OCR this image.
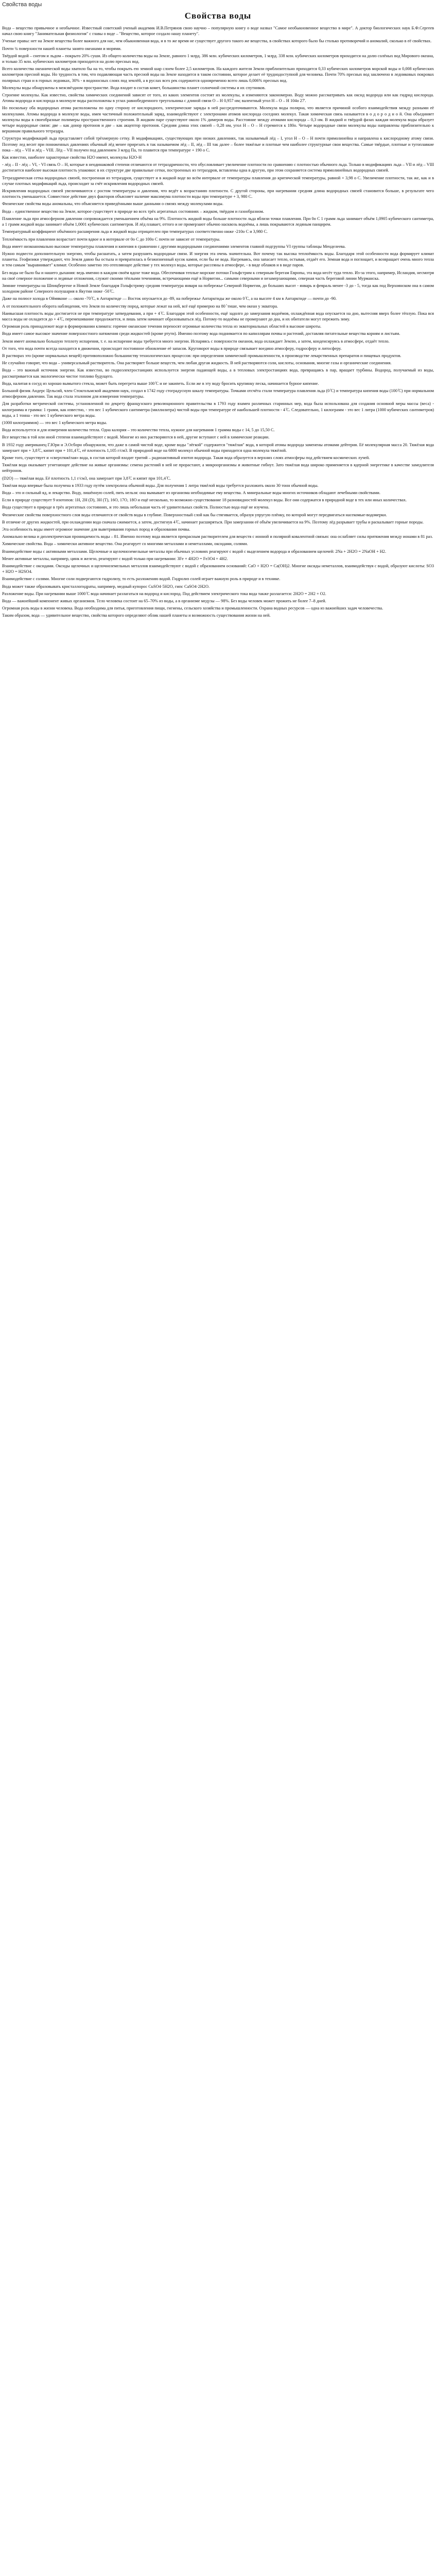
Свойства воды
Свойства воды

Вода – вещество привычное и необычное. Известный советский ученый академик И.В.Петрянов свою научно – популярную книгу о воде назвал "Самое необыкновенное вещество в мире". А доктор биологических наук Б.Ф.Сергеев начал свою книгу "Занимательная физиология" с главы о воде – "Вещество, которое создало нашу планету".

Ученые правы: нет на Земле вещества более важного для нас, чем обыкновенная вода, и в то же время не существует другого такого же вещества, в свойствах которого было бы столько противоречий и аномалий, сколько в её свойствах.

Почти ¾ поверхности нашей планеты занято океанами и морями.

Твёрдой водой – снегом и льдом – покрыто 20% суши. Из общего количества воды на Земле, равного 1 млрд. 386 млн. кубических километров, 1 млрд. 338 млн. кубических километров приходится на долю солёных вод Мирового океана, и только 35 млн. кубических километров приходится на долю пресных вод.

Всего количества океанической воды хватило бы на то, чтобы покрыть ею земной шар слоем более 2,5 километров. На каждого жителя Земли приблизительно приходится 0,33 кубических километров морской воды и 0,008 кубических километров пресной воды. Но трудность в том, что подавляющая часть пресной воды на Земле находится в таком состоянии, которое делает её труднодоступной для человека. Почти 70% пресных вод заключено в ледниковых покровах полярных стран и в горных ледниках, 30% - в водоносных слоях под землёй, а в руслах всех рек содержится одновременно всего лишь 0,006% пресных вод.

Молекулы воды обнаружены в межзвёздном пространстве. Вода входит в состав комет, большинства планет солнечной системы и их спутников.

Строение молекулы. Как известно, свойства химических соединений зависят от того, из каких элементов состоят их молекулы, и изменяются закономерно. Воду можно рассматривать как оксид водорода или как гидрид кислорода. Атомы водорода и кислорода в молекуле воды расположены в углах равнобедренного треугольника с длиной связи O – H 0,957 нм; валентный угол H – O – H 104о 27'.

Но поскольку оба водородных атома расположены по одну сторону от кислородного, электрические заряды в ней рассредоточиваются. Молекула воды полярна, что является причиной особого взаимодействия между разными её молекулами. Атомы водорода в молекуле воды, имея частичный положительный заряд, взаимодействуют с электронами атомов кислорода соседних молекул. Такая химическая связь называется в о д о р о д н о й. Она объединяет молекулы воды в своеобразные полимеры пространственного строения. В жидком паре существуют около 1% димеров воды. Расстояние между атомами кислорода – 0,3 нм. В жидкой и твёрдой фазах каждая молекула воды образует четыре водородные связи: две – как донор протонов и две – как акцептор протонов. Средняя длина этих связей – 0,28 нм, угол H – O – H стремится к 180о. Четыре водородные связи молекулы воды направлены приблизительно к вершинам правильного тетраэдра.

Структура модификаций льда представляет собой трёхмерную сетку. В модификациях, существующих при низких давлениях, так называемый лёд – I, угол H – O – H почти прямолинейна и направлена к кислородному атому связи. Поэтому лед весит при пониженных давлениях обычный лёд менее прирезать в так называемом лёд – II, лёд – III так далее – более тяжёлые и плотные чем наиболее структурные свои вещества. Самые твёрдые, плотные и тугоплавкие пока – лёд – VII и лёд – VIII. Лёд – VII получен под давлением 3 млрд Па, то плавится при температуре + 190 о С.

Как известно, наиболее характерные свойства H2O имеют, молекулы H2O-H

- лёд – II - лёд – VI, - VI связь О – H, которые в неодинаковой степени отличаются от тетраэдричности, что обусловливает увеличение плотности по сравнению с плотностью обычного льда. Только в модификациях льда – VII и лёд – VIII достигается наиболее высокая плотность упаковки: в их структуре две правильные сетки, построенных из тетраэдров, вставлены одна в другую, при этом сохраняется система прямолинейных водородных связей.

Тетраэдрическая сетка водородных связей, построенная из тетраэдров, существует и в жидкой воде во всём интервале от температуры плавления до критической температуры, равной + 3,98 о С. Увеличение плотности, так же, как и в случае плотных модификаций льда, происходит за счёт искривления водородных связей.

Искривления водородных связей увеличиваются с ростом температуры и давления, что ведёт к возрастанию плотности. С другой стороны, при нагревании средняя длина водородных связей становится больше, в результате чего плотность уменьшается. Совместное действие двух факторов объясняет наличие максимума плотности воды при температуре + 3, 980 С.

Физические свойства воды аномальны, что объясняется приведёнными выше данными о связях между молекулами воды.

Вода – единственное вещество на Земле, которое существует в природе во всех трёх агрегатных состояниях – жидком, твёрдом и газообразном.

Плавление льда при атмосферном давлении сопровождается уменьшением объёма на 9%. Плотность жидкой воды больше плотности льда вблизи точки плавления. При 0о С 1 грамм льда занимает объём 1,0905 кубического сантиметра, а 1 грамм жидкой воды занимает объём 1,0001 кубических сантиметров. И лёд плавает, оттого и не промерзают обычно насквозь водоёмы, а лишь покрываются ледяным панцирем.

Температурный коэффициент объёмного расширения льда и жидкой воды отрицателен при температурах соответственно ниже -210о С и 3,980 С.

Теплоёмкость при плавлении возрастает почти вдвое и в интервале от 0о С до 100о С почти не зависит от температуры.

Вода имеет низкоаномально высокие температуры плавления и кипения в сравнении с другими водородными соединениями элементов главной подгруппы VI группы таблицы Менделеева.

Нужно подвести дополнительную энергию, чтобы расшатать, а затем разрушить водородные связи. И энергия эта очень значительна. Вот почему так высока теплоёмкость воды. Благодаря этой особенности вода формирует климат планеты. Геофизики утверждают, что Земля давно бы остыла и превратилась в безжизненный кусок камня, если бы не вода. Нагреваясь, она запасает тепло, остывая, отдаёт его. Земная вода и поглощает, и возвращает очень много тепла и тем самым "выравнивает" климат. Особенно заметно это отепляющее действие у тех молекул воды, которые рассеяны в атмосфере, - в виде облаков и в виде паров.

Без воды не было бы и нашего дыхания: ведь именно в каждом своём вдохе тоже вода. Обеспечивая теплые морские потоки Гольфстрим к северным берегам Европы, эта вода несёт туда тепло. Из-за этого, например, Исландия, несмотря на своё северное положение и ледяные отложения, служит своими тёплыми течениями, встречающими ещё в Норвегии... самыми северными и незамерзающими, северная часть береговой линии Мурманска.

Зимние температуры на Шпицбергене и Новой Земле благодаря Гольфстриму средняя температура января на побережье Северной Норвегии, до больших высот - январь и февраль менее -3 до - 5, тогда как под Верхоянском она в самом холодном районе Северного полушария в Якутии ниже -50 ̊С.

Даже на полюсе холода в Оймяконе — около -70 ̊С, в Антарктиде — Восток опускается до -89, на побережье Антарктиды же около 0 ̊С, а на высоте 4 км в Антарктиде — почти до -90.

А от положительного оборота наблюдения, что Земля по количеству пород, которые лежат на ней, всё ещё примерно на 80 ̊ тише, чем океан у экватора.

Наивысшая плотность воды достигается не при температуре затвердевания, а при + 4 ̊С. Благодаря этой особенности, ещё задолго до замерзания водоёмов, охлаждённая вода опускается на дно, вытесняя вверх более тёплую. Пока вся масса воды не охладится до + 4 ̊С, перемешивание продолжается, и лишь затем начинает образовываться лёд. Потому-то водоёмы не промерзают до дна, и их обитатели могут пережить зиму.

Огромная роль принадлежит воде в формировании климата: горячие океанские течения переносят огромные количества тепла из экваториальных областей в высокие широты.

Вода имеет самое высокое значение поверхностного натяжения среди жидкостей (кроме ртути). Именно поэтому вода поднимается по капиллярам почвы и растений, доставляя питательные вещества корням и листьям.

Земля имеет аномально большую теплоту испарения, т. е. на испарение воды требуется много энергии. Испаряясь с поверхности океанов, вода охлаждает Землю, а затем, конденсируясь в атмосфере, отдаёт тепло.

От того, что вода почти всегда находится в движении, происходит постоянное обновление её запасов. Круговорот воды в природе связывает воедино атмосферу, гидросферу и литосферу.

В растворах это (кроме нормальных вещей) противоположно большинству технологических процессов: при определении химической промышленности, в производстве лекарственных препаратов и пищевых продуктов.

Не случайно говорят, что вода – универсальный растворитель. Она растворяет больше веществ, чем любая другая жидкость. В ней растворяются соли, кислоты, основания, многие газы и органические соединения.

Вода – это важный источник энергии. Как известно, во гидроэлектростанциях используется энергия падающей воды, а в тепловых электростанциях вода, превращаясь в пар, вращает турбины. Водород, получаемый из воды, рассматривается как экологически чистое топливо будущего.

Вода, налитая в сосуд из хорошо вымытого стекла, может быть перегрета выше 100 ̊С и не закипеть. Если же в эту воду бросить крупинку песка, начинается бурное кипение.

Большой физик Андерс Цельсий, член Стокгольмской академии наук, создал в 1742 году стоградусную шкалу температуры. Точками отсчёта стали температура плавления льда (0 ̊С) и температура кипения воды (100 ̊С) при нормальном атмосферном давлении. Так вода стала эталоном для измерения температуры.

Для разработки метрической системы, установленной по декрету французского революционного правительства в 1793 году взамен различных старинных мер, вода была использована для создания основной меры массы (веса) - килограмма и грамма: 1 грамм, как известно, - это вес 1 кубического сантиметра (миллилитра) чистой воды при температуре её наибольшей плотности - 4 ̊С. Следовательно, 1 килограмм - это вес 1 литра (1000 кубических сантиметров) воды, а 1 тонна - это вес 1 кубического метра воды.

(1000 килограммов) — это вес 1 кубического метра воды.

Вода используется и для измерения количества тепла. Одна калория – это количество тепла, нужное для нагревания 1 грамма воды с 14, 5 до 15,50 С.

Все вещества в той или иной степени взаимодействуют с водой. Многие из них растворяются в ней, другие вступают с ней в химические реакции.

В 1932 году американец Г.Юри и Э.Осборн обнаружили, что даже в самой чистой воде, кроме воды "лёгкой" содержится "тяжёлая" вода, в которой атомы водорода заменены атомами дейтерия. Её молекулярная масса 20. Тяжёлая вода замерзает при + 3,8 ̊С, кипит при + 101,4 ̊С, её плотность 1,105 г/см3. В природной воде на 6800 молекул обычной воды приходится одна молекула тяжёлой.

Кроме того, существует и «сверхтяжёлая» вода, в состав которой входит тритий – радиоактивный изотоп водорода. Такая вода образуется в верхних слоях атмосферы под действием космических лучей.

Тяжёлая вода оказывает угнетающее действие на живые организмы: семена растений в ней не прорастают, а микроорганизмы и животные гибнут. Зато тяжёлая вода широко применяется в ядерной энергетике в качестве замедлителя нейтронов.

(D2O) — тяжёлая вода. Её плотность 1,1 г/см3, она замерзает при 3,8 ̊С и кипит при 101,4 ̊С.

Тяжёлая вода впервые была получена в 1933 году путём электролиза обычной воды. Для получения 1 литра тяжёлой воды требуется разложить около 30 тонн обычной воды.

Вода – это и сильный яд, и лекарство. Воду, лишённую солей, пить нельзя: она вымывает из организма необходимые ему вещества. А минеральные воды многих источников обладают лечебными свойствами.

Если в природе существует 9 изотопов: 1H, 2H (D), 3H (T), 16O, 17O, 18O и ещё несколько, то возможно существование 18 разновидностей молекул воды. Все они содержатся в природной воде в тех или иных количествах.

Вода существует в природе в трёх агрегатных состояниях, и это лишь небольшая часть её удивительных свойств. Полностью вода ещё не изучена.

Физические свойства поверхностного слоя воды отличаются от свойств воды в глубине. Поверхностный слой как бы стягивается, образуя упругую плёнку, по которой могут передвигаться насекомые-водомерки.

В отличие от других жидкостей, при охлаждении вода сначала сжимается, а затем, достигнув 4 ̊С, начинает расширяться. При замерзании её объём увеличивается на 9%. Поэтому лёд разрывает трубы и раскалывает горные породы.

Эта особенность воды имеет огромное значение для выветривания горных пород и образования почвы.

Аномально велика и диэлектрическая проницаемость воды – 81. Именно поэтому вода является прекрасным растворителем для веществ с ионной и полярной ковалентной связью: она ослабляет силы притяжения между ионами в 81 раз.

Химические свойства. Вода – химически активное вещество. Она реагирует со многими металлами и неметаллами, оксидами, солями.

Взаимодействие воды с активными металлами. Щелочные и щелочноземельные металлы при обычных условиях реагируют с водой с выделением водорода и образованием щелочей: 2Na + 2H2O = 2NaOH + H2.

Менее активные металлы, например, цинк и железо, реагируют с водой только при нагревании: 3Fe + 4H2O = Fe3O4 + 4H2.

Взаимодействие с оксидами. Оксиды щелочных и щелочноземельных металлов взаимодействуют с водой с образованием оснований: CaO + H2O = Ca(OH)2. Многие оксиды неметаллов, взаимодействуя с водой, образуют кислоты: SO3 + H2O = H2SO4.

Взаимодействие с солями. Многие соли подвергаются гидролизу, то есть разложению водой. Гидролиз солей играет важную роль в природе и в технике.

Вода может также образовывать кристаллогидраты, например, медный купорос CuSO4·5H2O, гипс CaSO4·2H2O.

Разложение воды. При нагревании выше 1000 ̊С вода начинает разлагаться на водород и кислород. Под действием электрического тока вода также разлагается: 2H2O = 2H2 + O2.

Вода — важнейший компонент живых организмов. Тело человека состоит на 65–70% из воды, а в организме медузы — 98%. Без воды человек может прожить не более 7–8 дней.

Огромная роль воды в жизни человека. Вода необходима для питья, приготовления пищи, гигиены, сельского хозяйства и промышленности. Охрана водных ресурсов — одна из важнейших задач человечества.

Таким образом, вода — удивительное вещество, свойства которого определяют облик нашей планеты и возможность существования жизни на ней.
